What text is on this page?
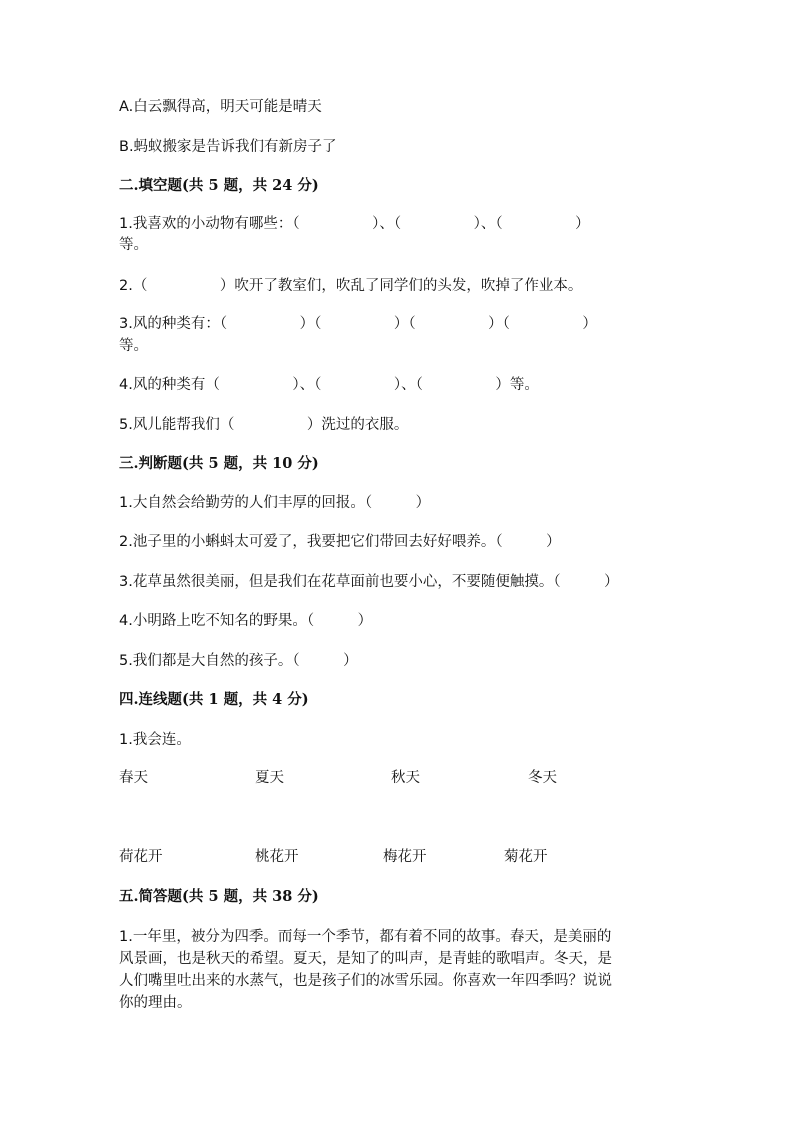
A.白云飘得高，明天可能是晴天
B.蚂蚁搬家是告诉我们有新房子了
二.填空题(共 5 题，共 24 分)
1.我喜欢的小动物有哪些：（　　　　　）、（　　　　　）、（　　　　　）
等。
2.（　　　　　）吹开了教室们，吹乱了同学们的头发，吹掉了作业本。
3.风的种类有：（　　　　　）（　　　　　）（　　　　　）（　　　　　）
等。
4.风的种类有（　　　　　）、（　　　　　）、（　　　　　）等。
5.风儿能帮我们（　　　　　）洗过的衣服。
三.判断题(共 5 题，共 10 分)
1.大自然会给勤劳的人们丰厚的回报。（　　　）
2.池子里的小蝌蚪太可爱了，我要把它们带回去好好喂养。（　　　）
3.花草虽然很美丽，但是我们在花草面前也要小心，不要随便触摸。（　　　）
4.小明路上吃不知名的野果。（　　　）
5.我们都是大自然的孩子。（　　　）
四.连线题(共 1 题，共 4 分)
1.我会连。
春天	夏天	秋天	冬天
荷花开	桃花开	梅花开	菊花开
五.简答题(共 5 题，共 38 分)
1.一年里，被分为四季。而每一个季节，都有着不同的故事。春天，是美丽的
风景画，也是秋天的希望。夏天，是知了的叫声，是青蛙的歌唱声。冬天，是
人们嘴里吐出来的水蒸气，也是孩子们的冰雪乐园。你喜欢一年四季吗？说说
你的理由。
